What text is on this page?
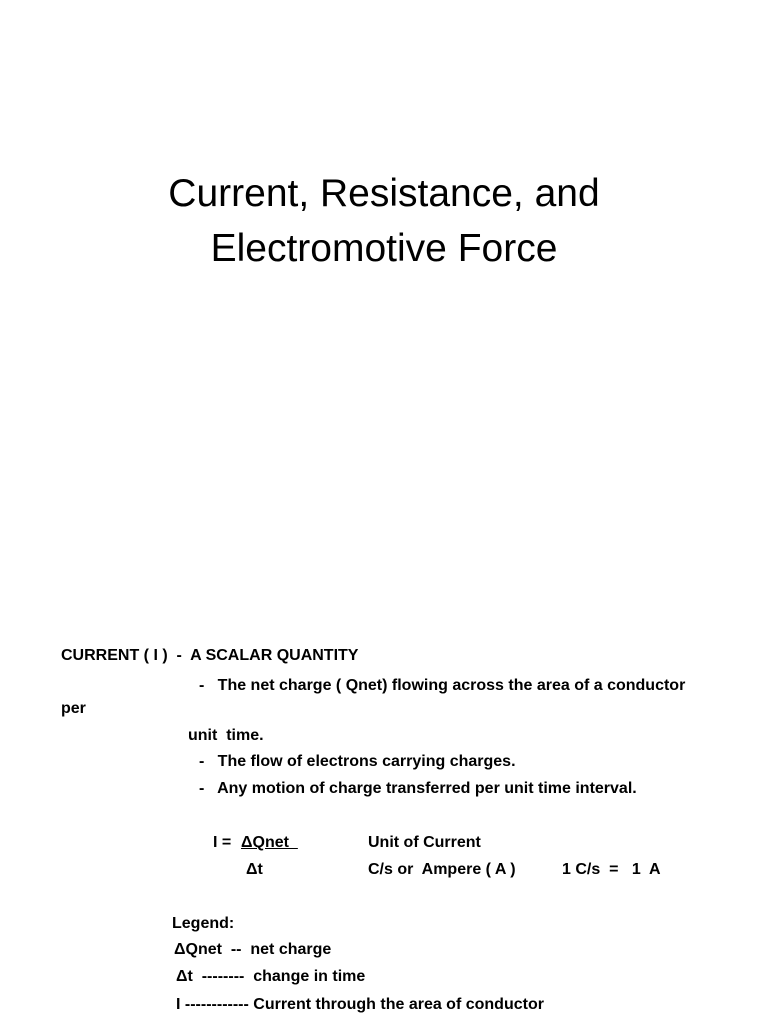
Current, Resistance, and
Electromotive Force
CURRENT ( I )  -  A SCALAR QUANTITY
-   The net charge ( Qnet) flowing across the area of a conductor
per
unit  time.
-   The flow of electrons carrying charges.
-   Any motion of charge transferred per unit time interval.
I = ΔQnet
Δt
Unit of Current
C/s or  Ampere ( A )	1 C/s  =   1  A
Legend:
ΔQnet  --  net charge
Δt  --------  change in time
I ------------ Current through the area of conductor
